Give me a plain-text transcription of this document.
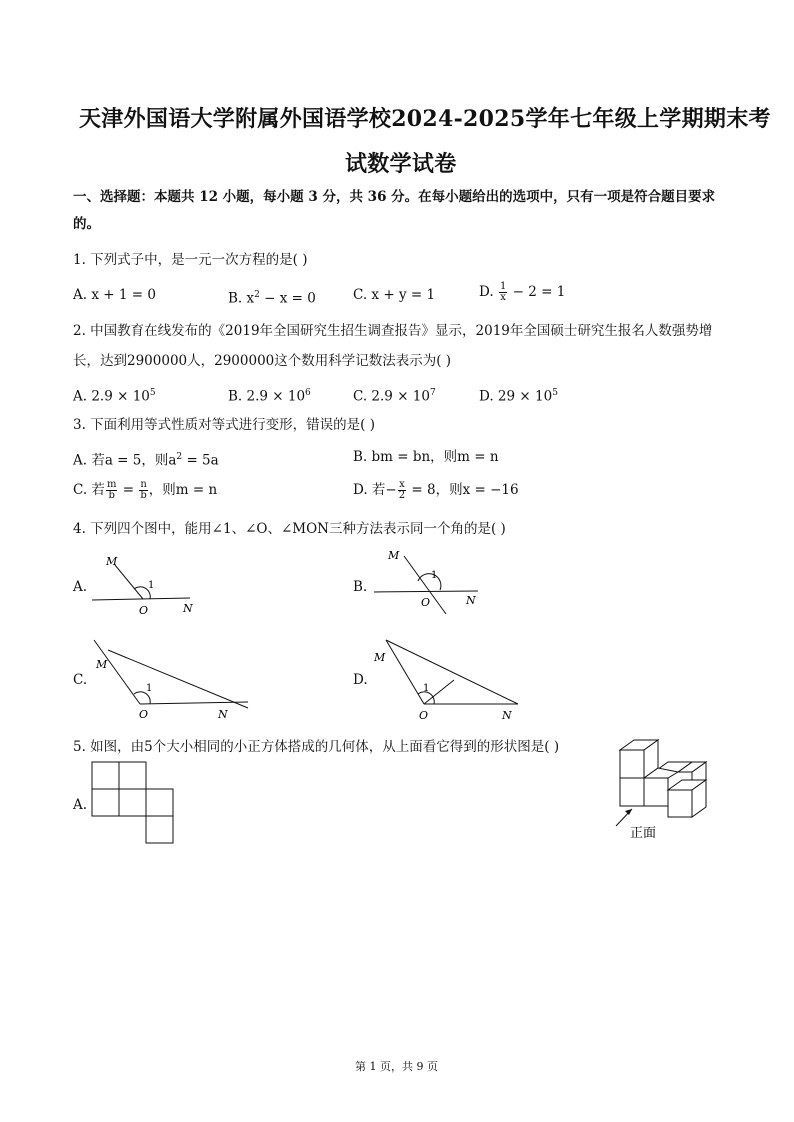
天津外国语大学附属外国语学校2024-2025学年七年级上学期期末考
试数学试卷
一、选择题：本题共 12 小题，每小题 3 分，共 36 分。在每小题给出的选项中，只有一项是符合题目要求
的。
1. 下列式子中，是一元一次方程的是( )
A. x + 1 = 0	B. $x^2 - x = 0$	C. x + y = 1	D. $\frac{1}{x} - 2 = 1$
2. 中国教育在线发布的《2019年全国研究生招生调查报告》显示，2019年全国硕士研究生报名人数强势增
长，达到2900000人，2900000这个数用科学记数法表示为( )
A. $2.9 \times 10^5$	B. $2.9 \times 10^6$	C. $2.9 \times 10^7$	D. $29 \times 10^5$
3. 下面利用等式性质对等式进行变形，错误的是( )
A. 若a = 5，则$a^2 = 5a$	B. bm = bn，则m = n
C. 若 $\frac{m}{b} = \frac{n}{b}$ ，则m = n	D. 若− $\frac{x}{2} = 8$，则x = −16
4. 下列四个图中，能用∠1、∠O、∠MON三种方法表示同一个角的是( )
A.
M
1
O	N
B.
M
1
O	N
C.
M
1
O	N
D.
M
1
O	N
5. 如图，由5个大小相同的小正方体搭成的几何体，从上面看它得到的形状图是( )
A.
正面
第 1 页，共 9 页
